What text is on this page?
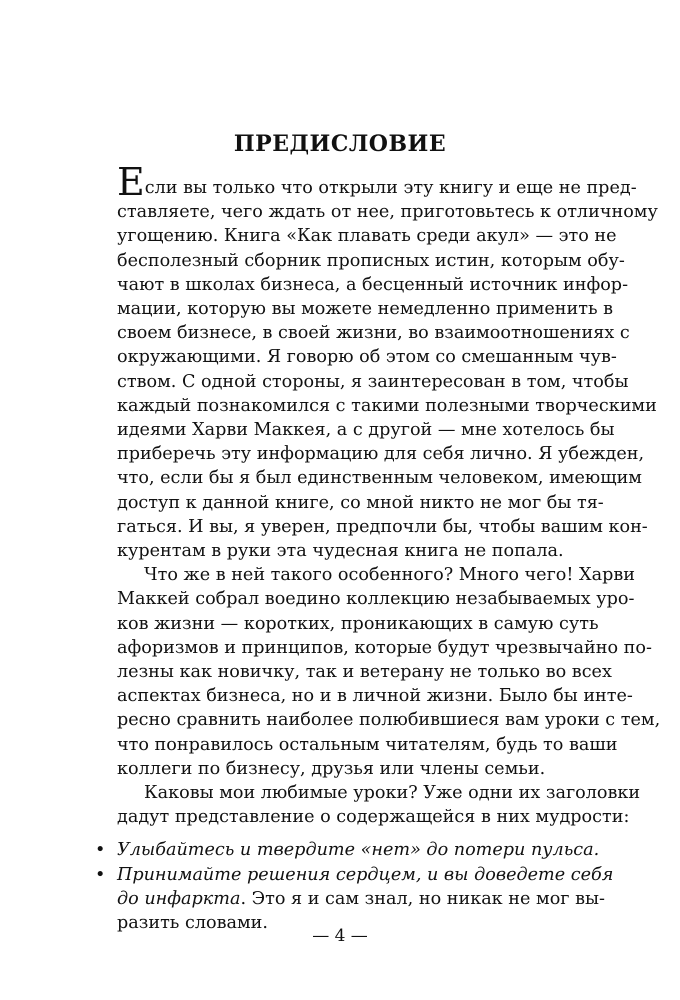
ПРЕДИСЛОВИЕ
Если вы только что открыли эту книгу и еще не пред-
ставляете, чего ждать от нее, приготовьтесь к отличному
угощению. Книга «Как плавать среди акул» — это не
бесполезный сборник прописных истин, которым обу-
чают в школах бизнеса, а бесценный источник инфор-
мации, которую вы можете немедленно применить в
своем бизнесе, в своей жизни, во взаимоотношениях с
окружающими. Я говорю об этом со смешанным чув-
ством. С одной стороны, я заинтересован в том, чтобы
каждый познакомился с такими полезными творческими
идеями Харви Маккея, а с другой — мне хотелось бы
приберечь эту информацию для себя лично. Я убежден,
что, если бы я был единственным человеком, имеющим
доступ к данной книге, со мной никто не мог бы тя-
гаться. И вы, я уверен, предпочли бы, чтобы вашим кон-
курентам в руки эта чудесная книга не попала.
Что же в ней такого особенного? Много чего! Харви
Маккей собрал воедино коллекцию незабываемых уро-
ков жизни — коротких, проникающих в самую суть
афоризмов и принципов, которые будут чрезвычайно по-
лезны как новичку, так и ветерану не только во всех
аспектах бизнеса, но и в личной жизни. Было бы инте-
ресно сравнить наиболее полюбившиеся вам уроки с тем,
что понравилось остальным читателям, будь то ваши
коллеги по бизнесу, друзья или члены семьи.
Каковы мои любимые уроки? Уже одни их заголовки
дадут представление о содержащейся в них мудрости:
• Улыбайтесь и твердите «нет» до потери пульса.
• Принимайте решения сердцем, и вы доведете себя
до инфаркта. Это я и сам знал, но никак не мог вы-
разить словами.
— 4 —
